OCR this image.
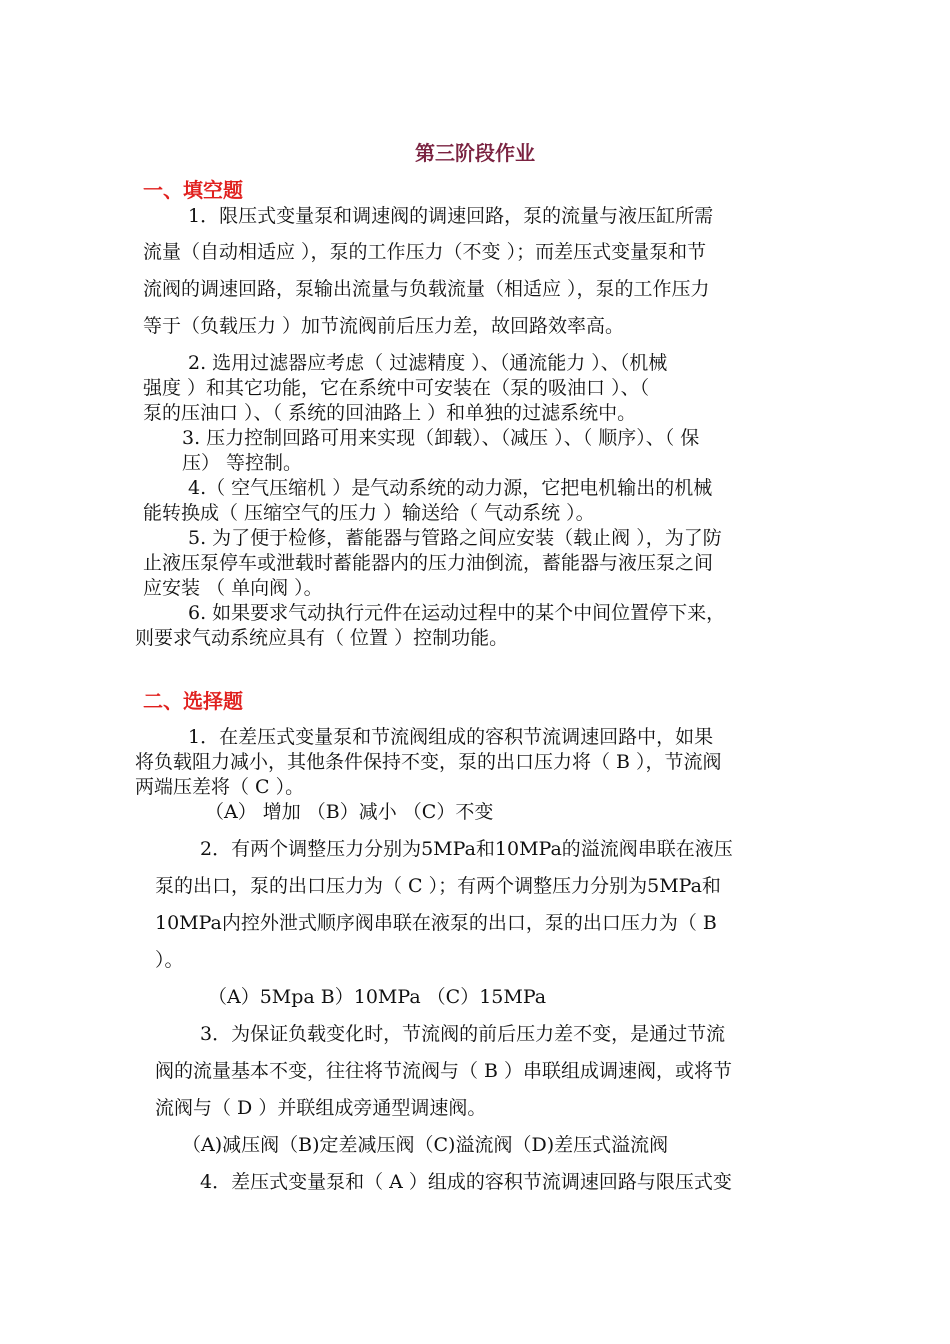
第三阶段作业
一、填空题
1．限压式变量泵和调速阀的调速回路，泵的流量与液压缸所需
流量（自动相适应 ），泵的工作压力（不变 ）；而差压式变量泵和节
流阀的调速回路，泵输出流量与负载流量（相适应 ），泵的工作压力
等于（负载压力 ）加节流阀前后压力差，故回路效率高。
2. 选用过滤器应考虑（ 过滤精度 ）、（通流能力 ）、（机械
强度 ）和其它功能，它在系统中可安装在（泵的吸油口 ）、（
泵的压油口 ）、（ 系统的回油路上 ）和单独的过滤系统中。
3. 压力控制回路可用来实现（卸载）、（减压 ）、（ 顺序）、（ 保
压） 等控制。
4.（ 空气压缩机 ）是气动系统的动力源，它把电机输出的机械
能转换成（ 压缩空气的压力 ）输送给（ 气动系统 ）。
5. 为了便于检修，蓄能器与管路之间应安装（载止阀 ），为了防
止液压泵停车或泄载时蓄能器内的压力油倒流，蓄能器与液压泵之间
应安装 （ 单向阀 ）。
6. 如果要求气动执行元件在运动过程中的某个中间位置停下来，
则要求气动系统应具有（ 位置 ）控制功能。
二、选择题
1．在差压式变量泵和节流阀组成的容积节流调速回路中，如果
将负载阻力减小，其他条件保持不变，泵的出口压力将（ B ），节流阀
两端压差将（ C ）。
（A） 增加 （B）减小 （C）不变
2．有两个调整压力分别为5MPa和10MPa的溢流阀串联在液压
泵的出口，泵的出口压力为（ C ）；有两个调整压力分别为5MPa和
10MPa内控外泄式顺序阀串联在液泵的出口，泵的出口压力为（ B
）。
（A）5Mpa B）10MPa （C）15MPa
3．为保证负载变化时，节流阀的前后压力差不变，是通过节流
阀的流量基本不变，往往将节流阀与（ B ）串联组成调速阀，或将节
流阀与（ D ）并联组成旁通型调速阀。
（A)减压阀（B)定差减压阀（C)溢流阀（D)差压式溢流阀
4．差压式变量泵和（ A ）组成的容积节流调速回路与限压式变
